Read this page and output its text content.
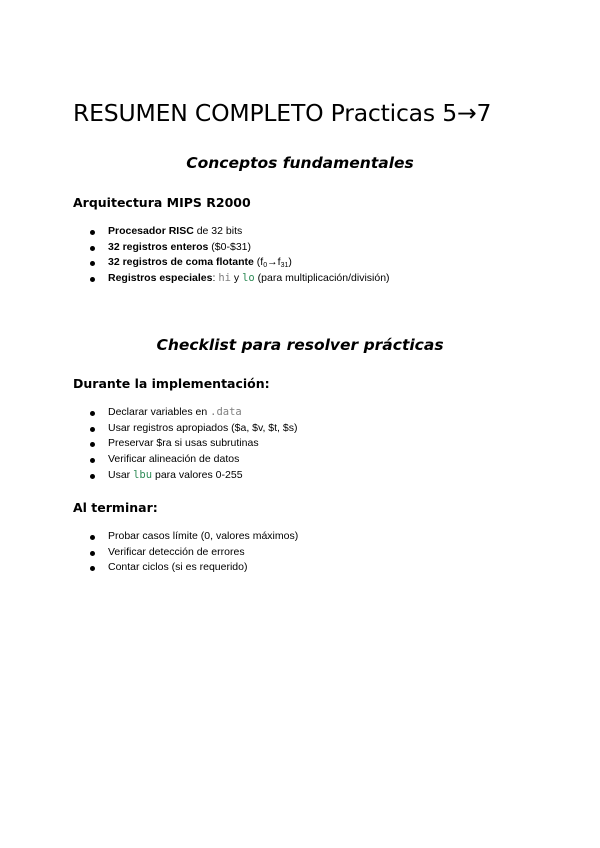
RESUMEN COMPLETO Practicas 5→7
Conceptos fundamentales
Arquitectura MIPS R2000
Procesador RISC de 32 bits
32 registros enteros ($0-$31)
32 registros de coma flotante $(f_0\to f_{31})$
Registros especiales: hi y lo (para multiplicación/división)
Checklist para resolver prácticas
Durante la implementación:
Declarar variables en .data
Usar registros apropiados ($a, $v, $t, $s)
Preservar $ra si usas subrutinas
Verificar alineación de datos
Usar lbu para valores 0-255
Al terminar:
Probar casos límite (0, valores máximos)
Verificar detección de errores
Contar ciclos (si es requerido)
